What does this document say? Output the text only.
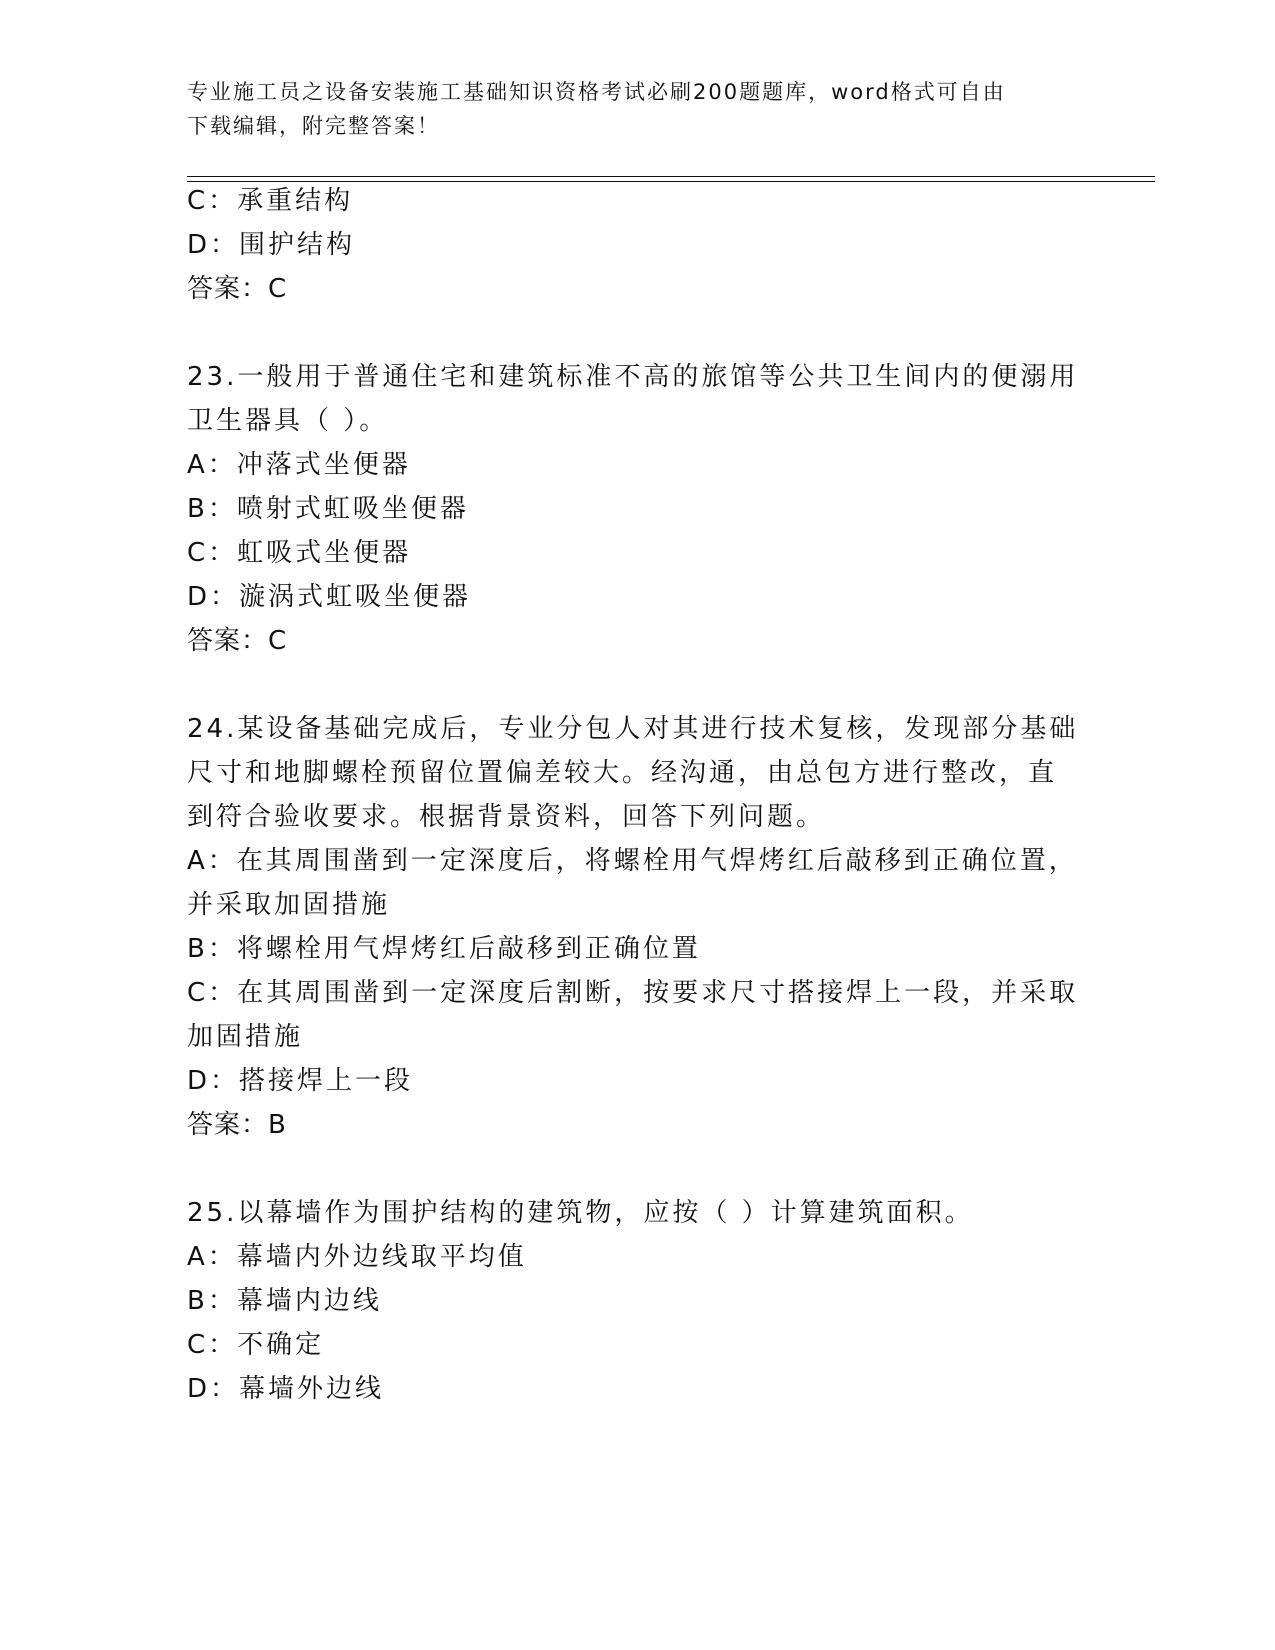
专业施工员之设备安装施工基础知识资格考试必刷200题题库，word格式可自由
下载编辑，附完整答案！
C：承重结构
D：围护结构
答案：C
23.一般用于普通住宅和建筑标准不高的旅馆等公共卫生间内的便溺用
卫生器具（ ）。
A：冲落式坐便器
B：喷射式虹吸坐便器
C：虹吸式坐便器
D：漩涡式虹吸坐便器
答案：C
24.某设备基础完成后，专业分包人对其进行技术复核，发现部分基础
尺寸和地脚螺栓预留位置偏差较大。经沟通，由总包方进行整改，直
到符合验收要求。根据背景资料，回答下列问题。
A：在其周围凿到一定深度后，将螺栓用气焊烤红后敲移到正确位置，
并采取加固措施
B：将螺栓用气焊烤红后敲移到正确位置
C：在其周围凿到一定深度后割断，按要求尺寸搭接焊上一段，并采取
加固措施
D：搭接焊上一段
答案：B
25.以幕墙作为围护结构的建筑物，应按（ ）计算建筑面积。
A：幕墙内外边线取平均值
B：幕墙内边线
C：不确定
D：幕墙外边线
